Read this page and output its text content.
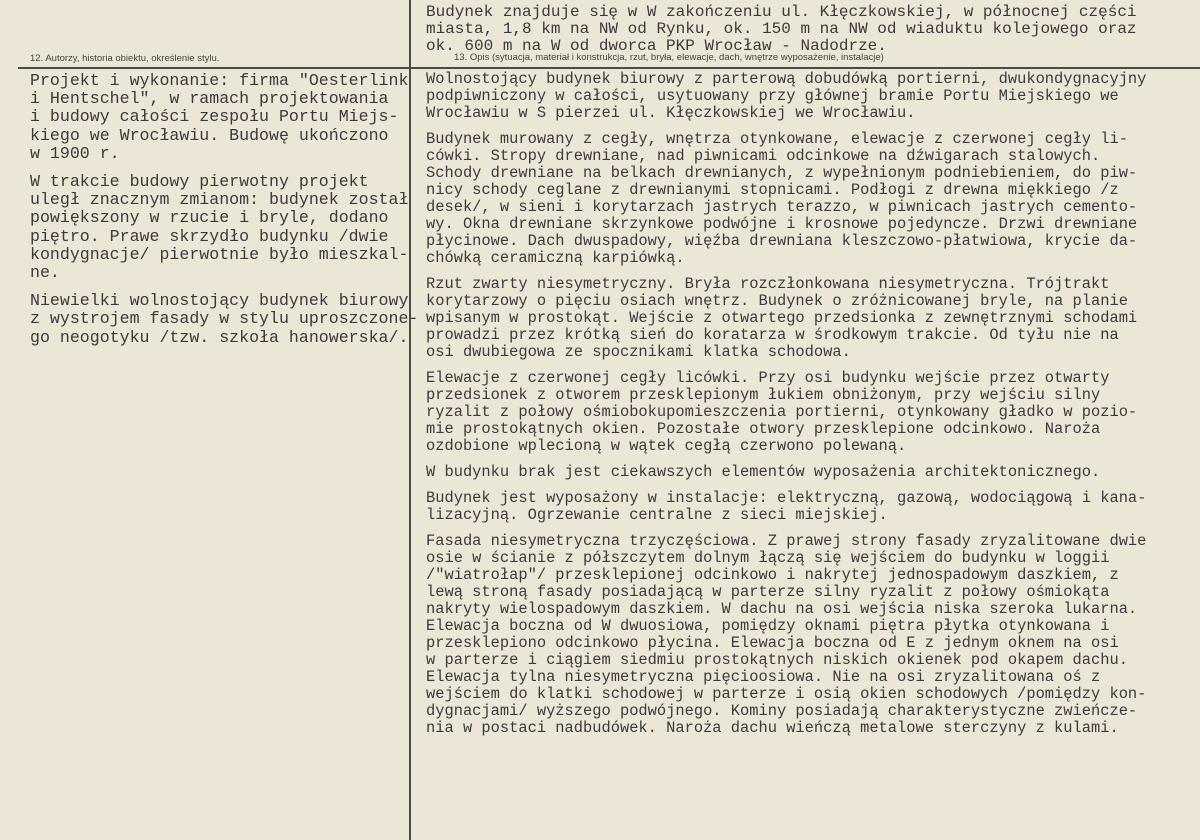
Budynek znajduje się w W zakończeniu ul. Kłęczkowskiej, w północnej części

miasta, 1,8 km na NW od Rynku, ok. 150 m na NW od wiaduktu kolejowego oraz

ok. 600 m na W od dworca PKP Wrocław - Nadodrze.

12. Autorzy, historia obiektu, określenie stylu.	13. Opis (sytuacja, materiał i konstrukcja, rzut, bryła, elewacje, dach, wnętrze wyposażenie, instalacje)

Projekt i wykonanie: firma "Oesterlink
i Hentschel", w ramach projektowania
i budowy całości zespołu Portu Miejs-
kiego we Wrocławiu. Budowę ukończono
w 1900 r.

W trakcie budowy pierwotny projekt
uległ znacznym zmianom: budynek został
powiększony w rzucie i bryle, dodano
piętro. Prawe skrzydło budynku /dwie
kondygnacje/ pierwotnie było mieszkal-
ne.

Niewielki wolnostojący budynek biurowy
z wystrojem fasady w stylu uproszczone-
go neogotyku /tzw. szkoła hanowerska/.

Wolnostojący budynek biurowy z parterową dobudówką portierni, dwukondygnacyjny
podpiwniczony w całości, usytuowany przy głównej bramie Portu Miejskiego we
Wrocławiu w S pierzei ul. Kłęczkowskiej we Wrocławiu.

Budynek murowany z cegły, wnętrza otynkowane, elewacje z czerwonej cegły li-
cówki. Stropy drewniane, nad piwnicami odcinkowe na dźwigarach stalowych.
Schody drewniane na belkach drewnianych, z wypełnionym podniebieniem, do piw-
nicy schody ceglane z drewnianymi stopnicami. Podłogi z drewna miękkiego /z
desek/, w sieni i korytarzach jastrych terazzo, w piwnicach jastrych cemento-
wy. Okna drewniane skrzynkowe podwójne i krosnowe pojedyncze. Drzwi drewniane
płycinowe. Dach dwuspadowy, więźba drewniana kleszczowo-płatwiowa, krycie da-
chówką ceramiczną karpiówką.

Rzut zwarty niesymetryczny. Bryła rozczłonkowana niesymetryczna. Trójtrakt
korytarzowy o pięciu osiach wnętrz. Budynek o zróżnicowanej bryle, na planie
wpisanym w prostokąt. Wejście z otwartego przedsionka z zewnętrznymi schodami
prowadzi przez krótką sień do koratarza w środkowym trakcie. Od tyłu nie na
osi dwubiegowa ze spocznikami klatka schodowa.

Elewacje z czerwonej cegły licówki. Przy osi budynku wejście przez otwarty
przedsionek z otworem przesklepionym łukiem obniżonym, przy wejściu silny
ryzalit z połowy ośmiobokupomieszczenia portierni, otynkowany gładko w pozio-
mie prostokątnych okien. Pozostałe otwory przesklepione odcinkowo. Naroża
ozdobione wplecioną w wątek cegłą czerwono polewaną.

W budynku brak jest ciekawszych elementów wyposażenia architektonicznego.

Budynek jest wyposażony w instalacje: elektryczną, gazową, wodociągową i kana-
lizacyjną. Ogrzewanie centralne z sieci miejskiej.

Fasada niesymetryczna trzyczęściowa. Z prawej strony fasady zryzalitowane dwie
osie w ścianie z półszczytem dolnym łączą się wejściem do budynku w loggii
/"wiatrołap"/ przesklepionej odcinkowo i nakrytej jednospadowym daszkiem, z
lewą stroną fasady posiadającą w parterze silny ryzalit z połowy ośmiokąta
nakryty wielospadowym daszkiem. W dachu na osi wejścia niska szeroka lukarna.
Elewacja boczna od W dwuosiowa, pomiędzy oknami piętra płytka otynkowana i
przesklepiono odcinkowo płycina. Elewacja boczna od E z jednym oknem na osi
w parterze i ciągiem siedmiu prostokątnych niskich okienek pod okapem dachu.
Elewacja tylna niesymetryczna pięcioosiowa. Nie na osi zryzalitowana oś z
wejściem do klatki schodowej w parterze i osią okien schodowych /pomiędzy kon-
dygnacjami/ wyższego podwójnego. Kominy posiadają charakterystyczne zwieńcze-
nia w postaci nadbudówek. Naroża dachu wieńczą metalowe sterczyny z kulami.
